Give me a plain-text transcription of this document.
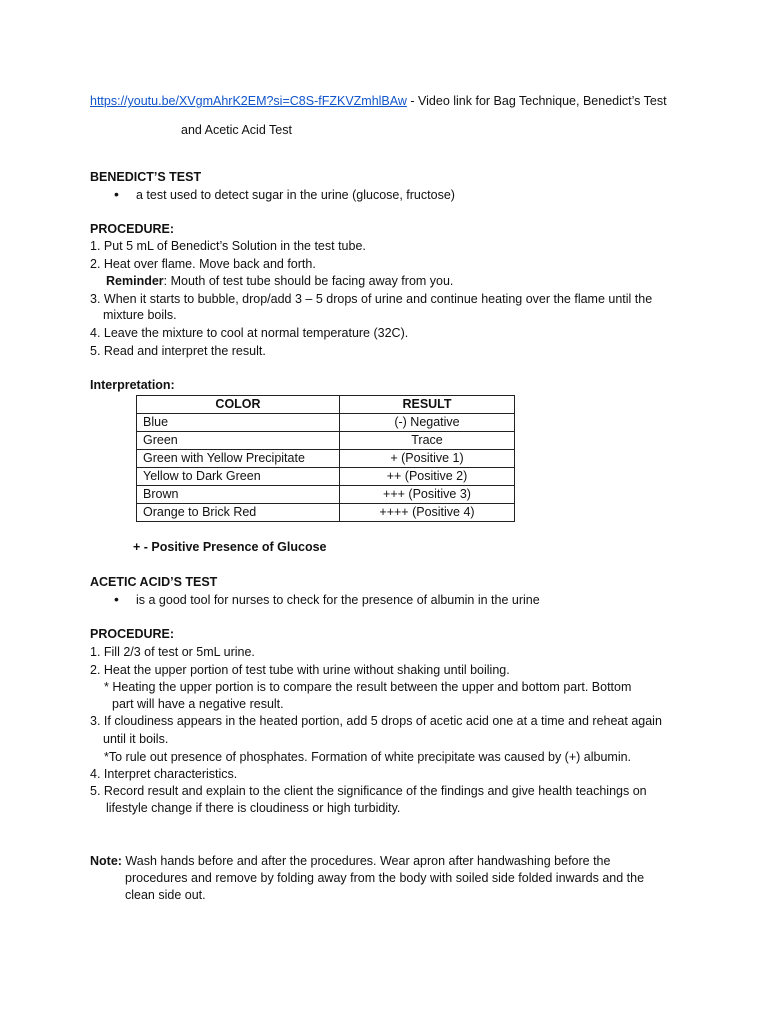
https://youtu.be/XVgmAhrK2EM?si=C8S-fFZKVZmhlBAw - Video link for Bag Technique, Benedict’s Test
and Acetic Acid Test
BENEDICT’S TEST
• a test used to detect sugar in the urine (glucose, fructose)
PROCEDURE:
1. Put 5 mL of Benedict’s Solution in the test tube.
2. Heat over flame. Move back and forth.
Reminder: Mouth of test tube should be facing away from you.
3. When it starts to bubble, drop/add 3 – 5 drops of urine and continue heating over the flame until the
mixture boils.
4. Leave the mixture to cool at normal temperature (32C).
5. Read and interpret the result.
Interpretation:
COLOR	RESULT
Blue	(-) Negative
Green	Trace
Green with Yellow Precipitate	+ (Positive 1)
Yellow to Dark Green	++ (Positive 2)
Brown	+++ (Positive 3)
Orange to Brick Red	++++ (Positive 4)
+ - Positive Presence of Glucose
ACETIC ACID’S TEST
• is a good tool for nurses to check for the presence of albumin in the urine
PROCEDURE:
1. Fill 2/3 of test or 5mL urine.
2. Heat the upper portion of test tube with urine without shaking until boiling.
* Heating the upper portion is to compare the result between the upper and bottom part. Bottom
part will have a negative result.
3. If cloudiness appears in the heated portion, add 5 drops of acetic acid one at a time and reheat again
until it boils.
*To rule out presence of phosphates. Formation of white precipitate was caused by (+) albumin.
4. Interpret characteristics.
5. Record result and explain to the client the significance of the findings and give health teachings on
lifestyle change if there is cloudiness or high turbidity.
Note: Wash hands before and after the procedures. Wear apron after handwashing before the
procedures and remove by folding away from the body with soiled side folded inwards and the
clean side out.
